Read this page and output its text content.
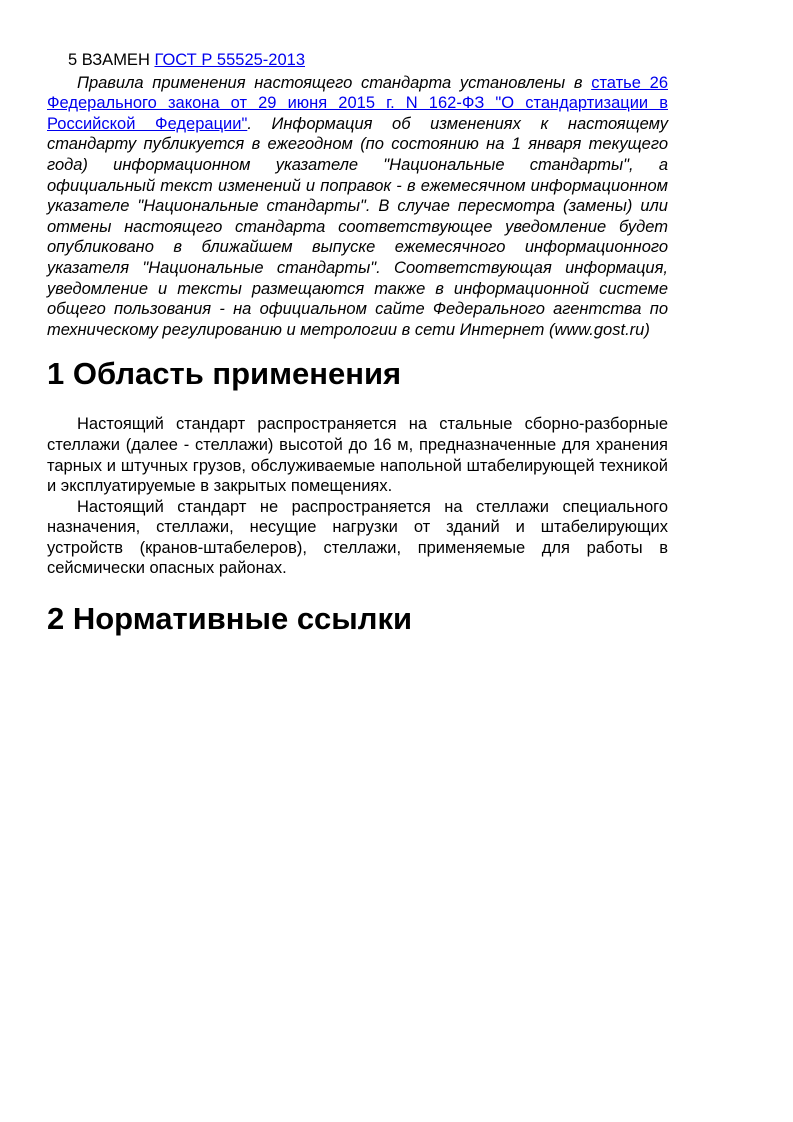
5 ВЗАМЕН ГОСТ Р 55525-2013

Правила применения настоящего стандарта установлены в статье 26 Федерального закона от 29 июня 2015 г. N 162-ФЗ "О стандартизации в Российской Федерации". Информация об изменениях к настоящему стандарту публикуется в ежегодном (по состоянию на 1 января текущего года) информационном указателе "Национальные стандарты", а официальный текст изменений и поправок - в ежемесячном информационном указателе "Национальные стандарты". В случае пересмотра (замены) или отмены настоящего стандарта соответствующее уведомление будет опубликовано в ближайшем выпуске ежемесячного информационного указателя "Национальные стандарты". Соответствующая информация, уведомление и тексты размещаются также в информационной системе общего пользования - на официальном сайте Федерального агентства по техническому регулированию и метрологии в сети Интернет (www.gost.ru)

1 Область применения

Настоящий стандарт распространяется на стальные сборно-разборные стеллажи (далее - стеллажи) высотой до 16 м, предназначенные для хранения тарных и штучных грузов, обслуживаемые напольной штабелирующей техникой и эксплуатируемые в закрытых помещениях.

Настоящий стандарт не распространяется на стеллажи специального назначения, стеллажи, несущие нагрузки от зданий и штабелирующих устройств (кранов-штабелеров), стеллажи, применяемые для работы в сейсмически опасных районах.

2 Нормативные ссылки
